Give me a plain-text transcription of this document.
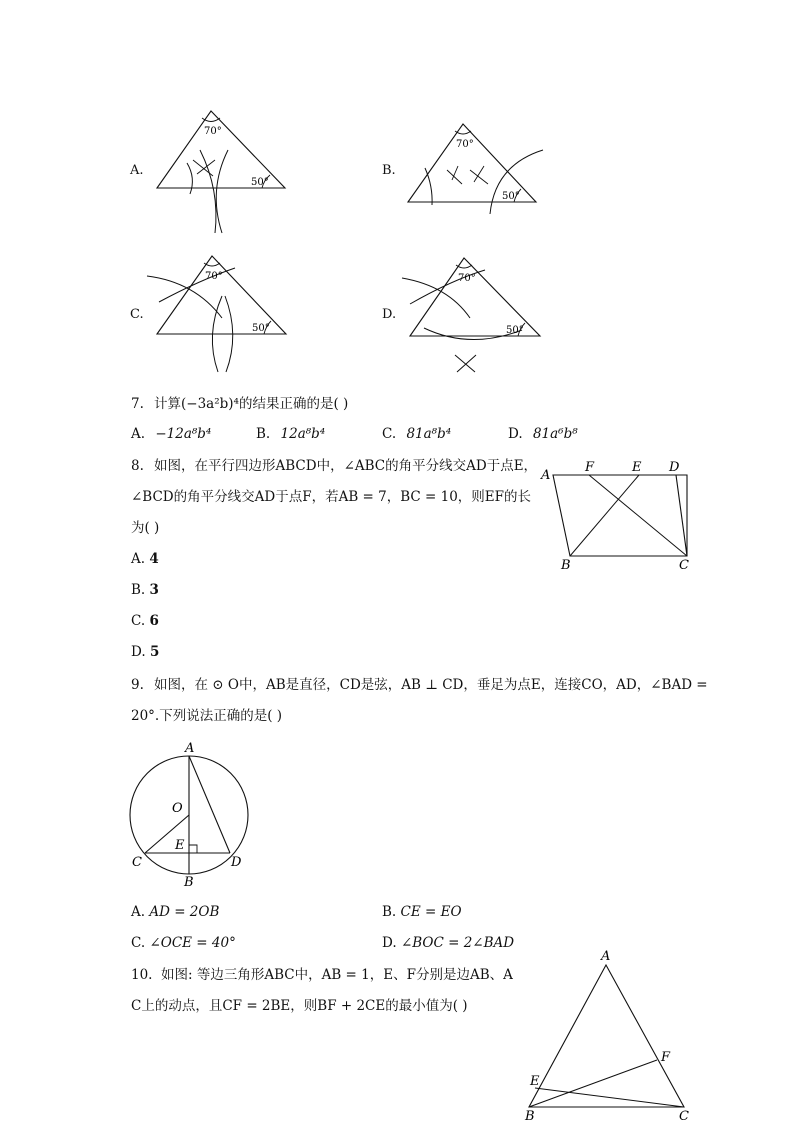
A.
70°
50°
B.
70°
50°
C.
70°
50°
D.
70°
50°
7. 计算(−3a²b)⁴的结果正确的是( )
A. −12a⁸b⁴	B. 12a⁸b⁴	C. 81a⁸b⁴	D. 81a⁶b⁸
8. 如图，在平行四边形ABCD中，∠ABC的角平分线交AD于点E，
∠BCD的角平分线交AD于点F，若AB = 7，BC = 10，则EF的长
为( )
A. 4
B. 3
C. 6
D. 5
A
F	E D
B	C
9. 如图，在 ⊙ O中，AB是直径，CD是弦，AB ⊥ CD，垂足为点E，连接CO，AD，∠BAD =
20°.下列说法正确的是( )
A
O
E
C	D
B
A. AD = 2OB	B. CE = EO
C. ∠OCE = 40°	D. ∠BOC = 2∠BAD
10. 如图: 等边三角形ABC中，AB = 1，E、F分别是边AB、A
C上的动点，且CF = 2BE，则BF + 2CE的最小值为( )
A
E
F
B	C
